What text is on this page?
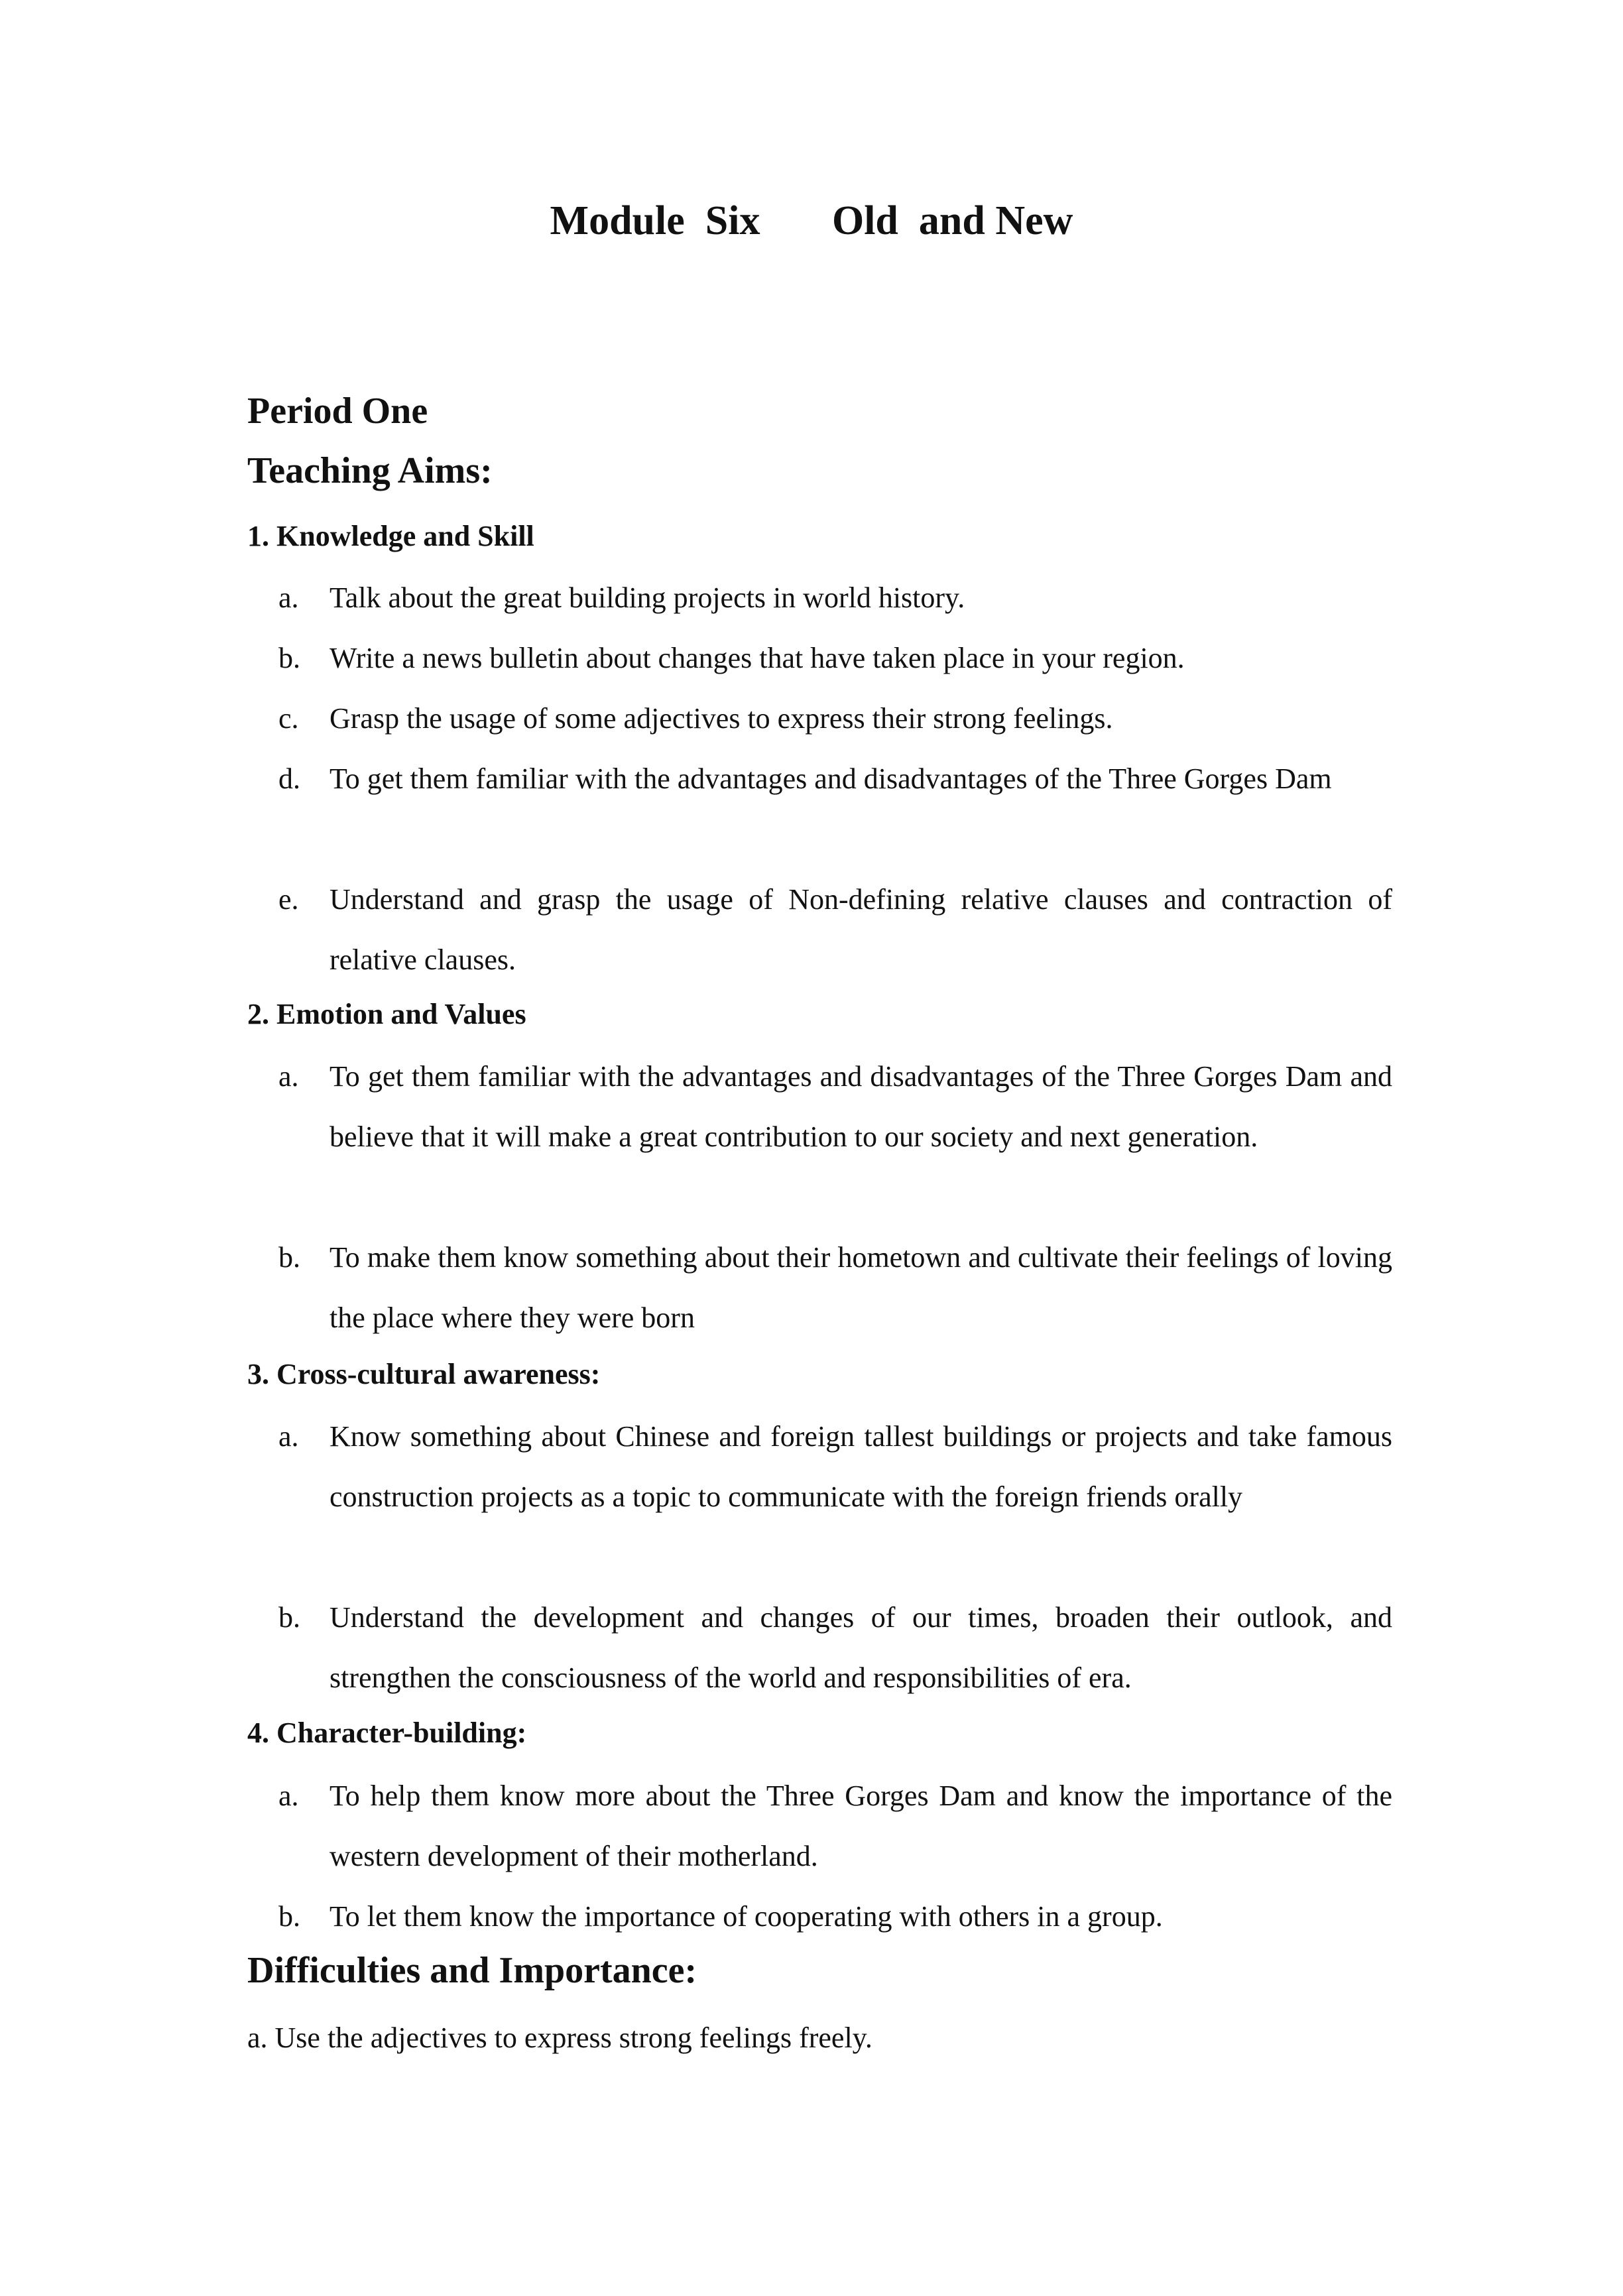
Module  Six       Old  and New
Period One
Teaching Aims:
1. Knowledge and Skill
a. Talk about the great building projects in world history.
b. Write a news bulletin about changes that have taken place in your region.
c. Grasp the usage of some adjectives to express their strong feelings.
d. To get them familiar with the advantages and disadvantages of the Three Gorges Dam
e. Understand and grasp the usage of Non-defining relative clauses and contraction of relative clauses.
2. Emotion and Values
a. To get them familiar with the advantages and disadvantages of the Three Gorges Dam and believe that it will make a great contribution to our society and next generation.
b. To make them know something about their hometown and cultivate their feelings of loving the place where they were born
3. Cross-cultural awareness:
a. Know something about Chinese and foreign tallest buildings or projects and take famous construction projects as a topic to communicate with the foreign friends orally
b. Understand the development and changes of our times, broaden their outlook, and strengthen the consciousness of the world and responsibilities of era.
4. Character-building:
a. To help them know more about the Three Gorges Dam and know the importance of the western development of their motherland.
b. To let them know the importance of cooperating with others in a group.
Difficulties and Importance:
a. Use the adjectives to express strong feelings freely.
